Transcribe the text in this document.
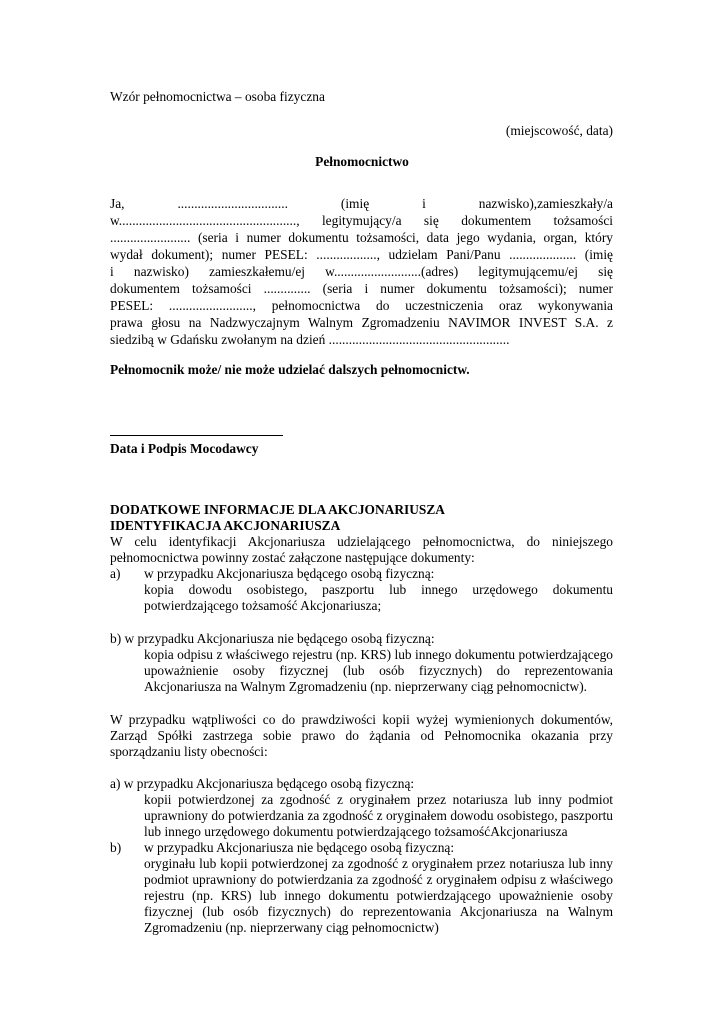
Wzór pełnomocnictwa – osoba fizyczna
(miejscowość, data)
Pełnomocnictwo
Ja, ................................. (imię i nazwisko),zamieszkały/a
w....................................................., legitymujący/a się dokumentem tożsamości
........................ (seria i numer dokumentu tożsamości, data jego wydania, organ, który
wydał dokument); numer PESEL: .................., udzielam Pani/Panu .................... (imię
i nazwisko) zamieszkałemu/ej w..........................(adres) legitymującemu/ej się
dokumentem tożsamości .............. (seria i numer dokumentu tożsamości); numer
PESEL: ........................., pełnomocnictwa do uczestniczenia oraz wykonywania
prawa głosu na Nadzwyczajnym Walnym Zgromadzeniu NAVIMOR INVEST S.A. z
siedzibą w Gdańsku zwołanym na dzień ......................................................
Pełnomocnik może/ nie może udzielać dalszych pełnomocnictw.
Data i Podpis Mocodawcy
DODATKOWE INFORMACJE DLA AKCJONARIUSZA
IDENTYFIKACJA AKCJONARIUSZA
W celu identyfikacji Akcjonariusza udzielającego pełnomocnictwa, do niniejszego
pełnomocnictwa powinny zostać załączone następujące dokumenty:
a) w przypadku Akcjonariusza będącego osobą fizyczną:
kopia dowodu osobistego, paszportu lub innego urzędowego dokumentu
potwierdzającego tożsamość Akcjonariusza;
b) w przypadku Akcjonariusza nie będącego osobą fizyczną:
kopia odpisu z właściwego rejestru (np. KRS) lub innego dokumentu potwierdzającego
upoważnienie osoby fizycznej (lub osób fizycznych) do reprezentowania
Akcjonariusza na Walnym Zgromadzeniu (np. nieprzerwany ciąg pełnomocnictw).
W przypadku wątpliwości co do prawdziwości kopii wyżej wymienionych dokumentów,
Zarząd Spółki zastrzega sobie prawo do żądania od Pełnomocnika okazania przy
sporządzaniu listy obecności:
a) w przypadku Akcjonariusza będącego osobą fizyczną:
kopii potwierdzonej za zgodność z oryginałem przez notariusza lub inny podmiot
uprawniony do potwierdzania za zgodność z oryginałem dowodu osobistego, paszportu
lub innego urzędowego dokumentu potwierdzającego tożsamośćAkcjonariusza
b) w przypadku Akcjonariusza nie będącego osobą fizyczną:
oryginału lub kopii potwierdzonej za zgodność z oryginałem przez notariusza lub inny
podmiot uprawniony do potwierdzania za zgodność z oryginałem odpisu z właściwego
rejestru (np. KRS) lub innego dokumentu potwierdzającego upoważnienie osoby
fizycznej (lub osób fizycznych) do reprezentowania Akcjonariusza na Walnym
Zgromadzeniu (np. nieprzerwany ciąg pełnomocnictw)
